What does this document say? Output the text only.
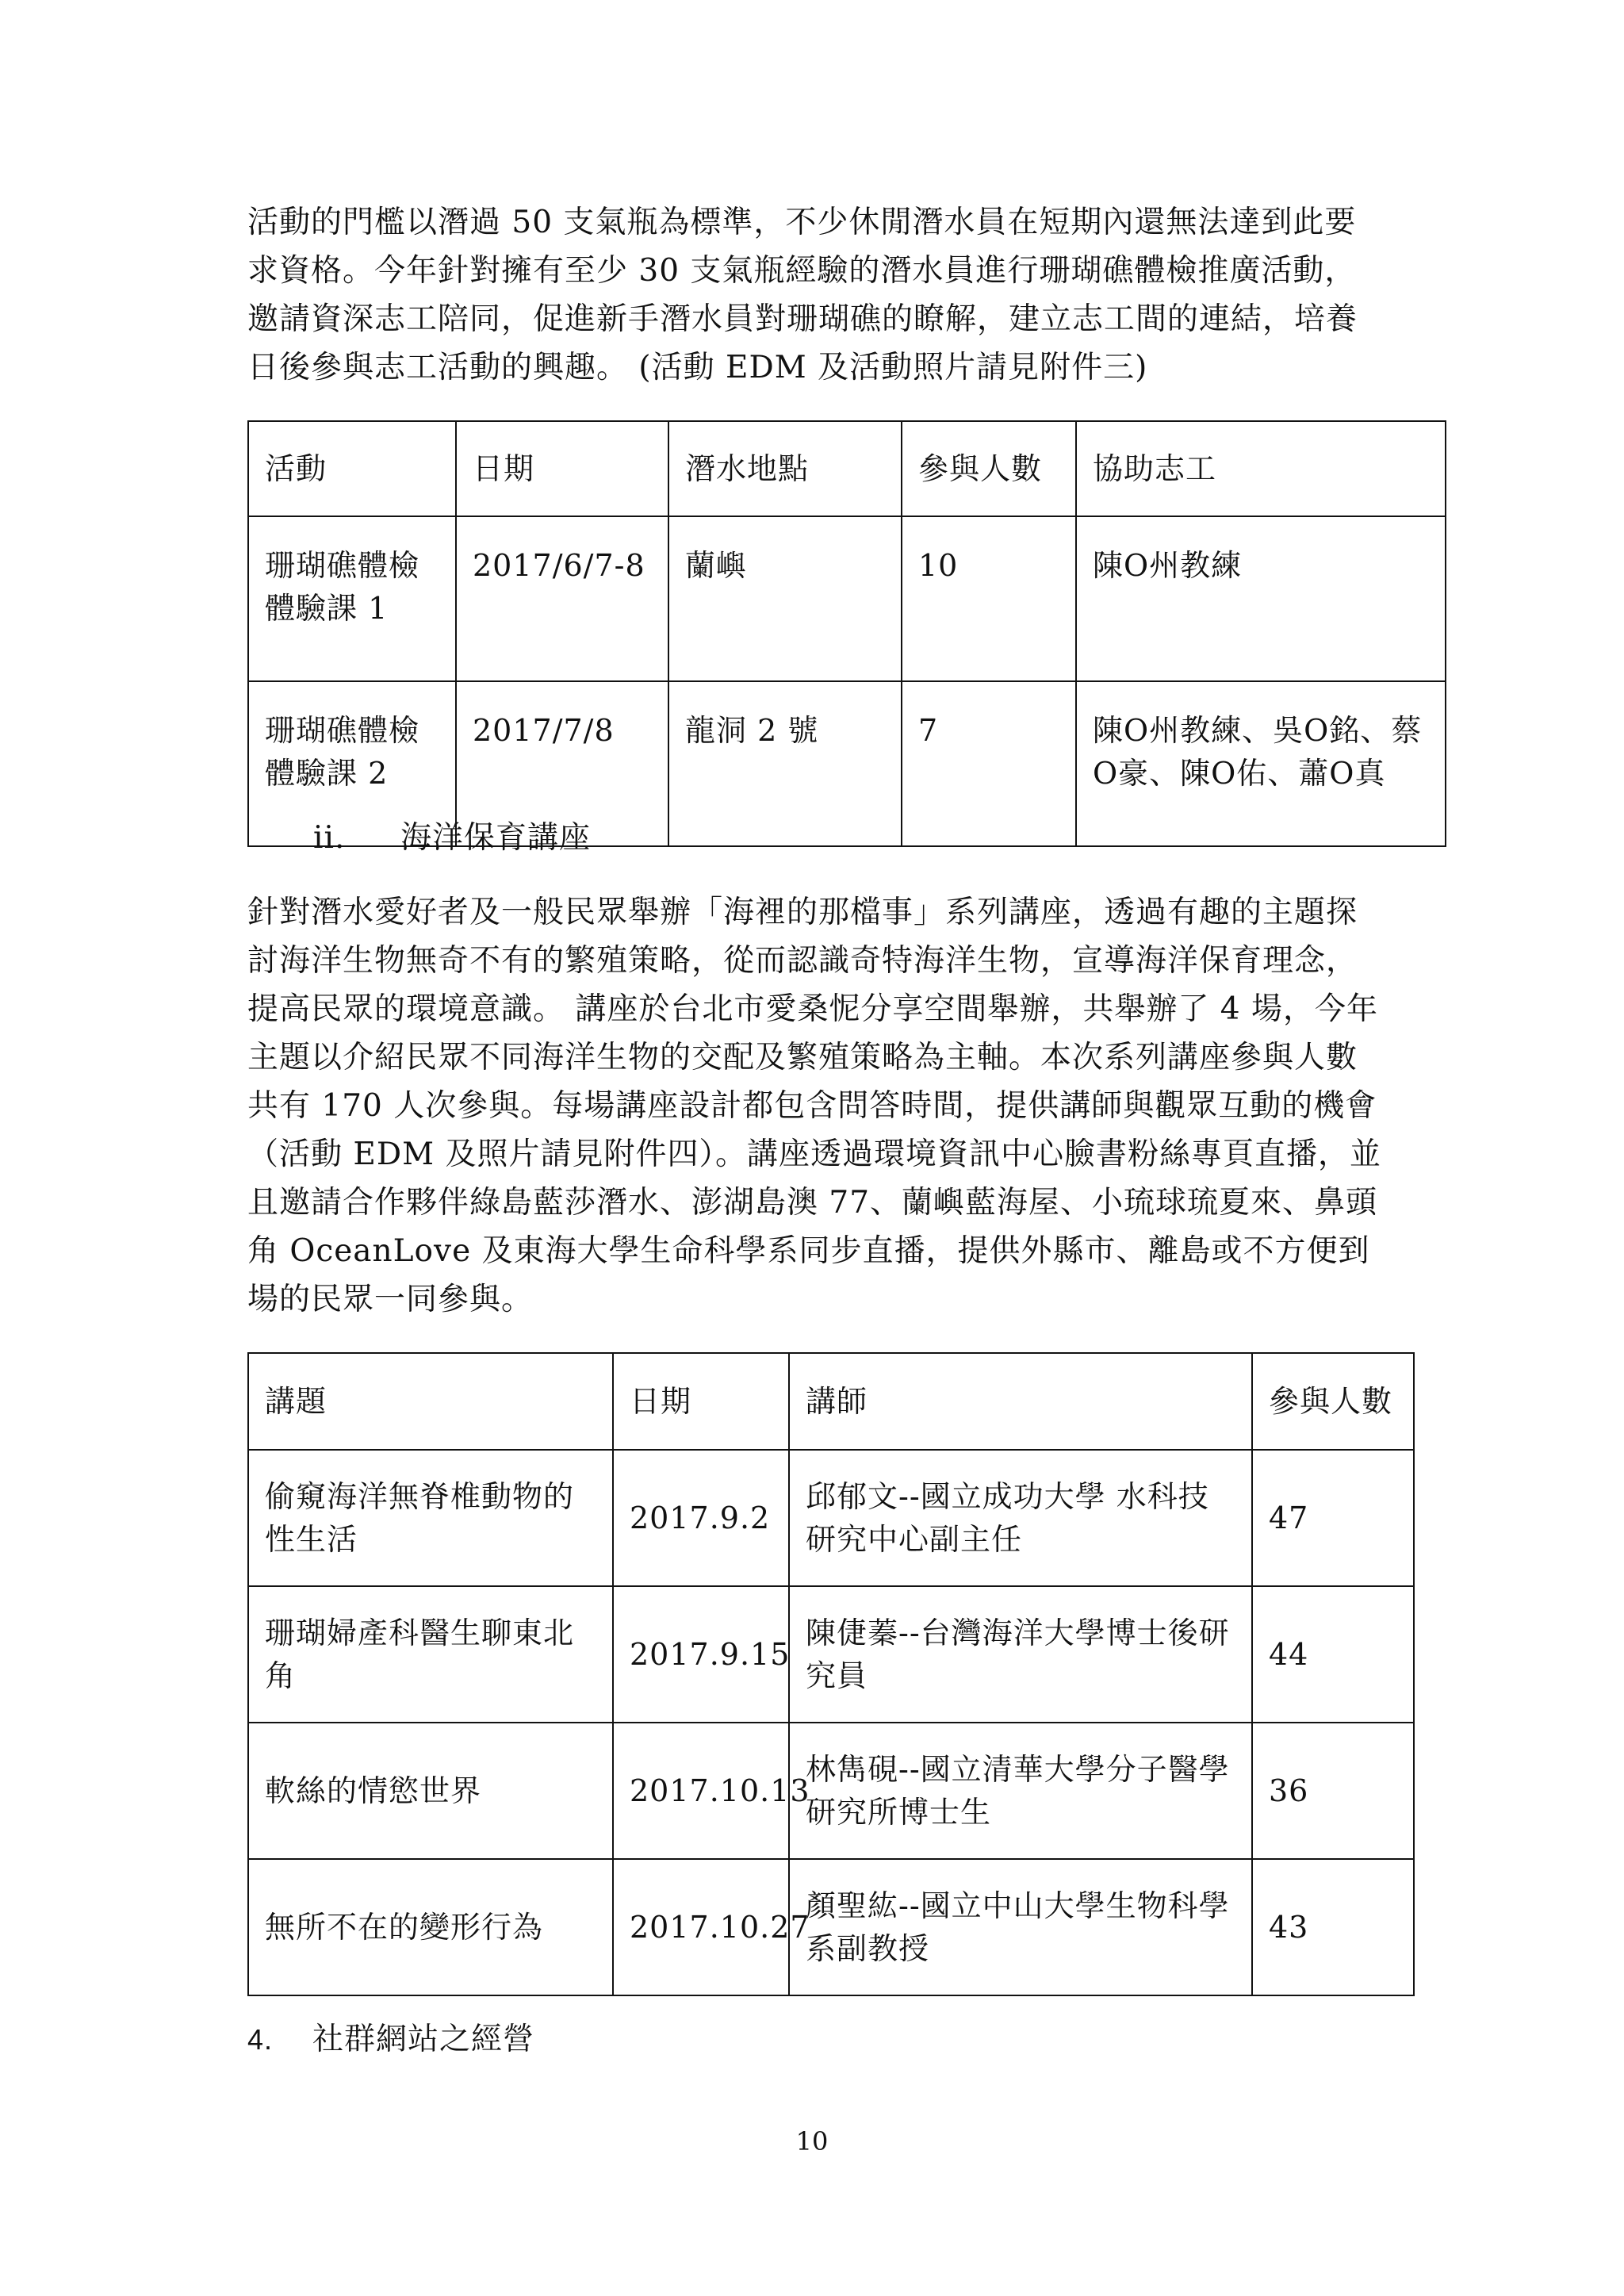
活動的門檻以潛過 50 支氣瓶為標準，不少休閒潛水員在短期內還無法達到此要求資格。今年針對擁有至少 30 支氣瓶經驗的潛水員進行珊瑚礁體檢推廣活動，邀請資深志工陪同，促進新手潛水員對珊瑚礁的瞭解，建立志工間的連結，培養日後參與志工活動的興趣。 (活動 EDM 及活動照片請見附件三)

活動	日期	潛水地點	參與人數	協助志工
珊瑚礁體檢體驗課 1	2017/6/7-8	蘭嶼	10	陳O州教練
珊瑚礁體檢體驗課 2	2017/7/8	龍洞 2 號	7	陳O州教練、吳O銘、蔡O豪、陳O佑、蕭O真
ii. 海洋保育講座

針對潛水愛好者及一般民眾舉辦「海裡的那檔事」系列講座，透過有趣的主題探討海洋生物無奇不有的繁殖策略，從而認識奇特海洋生物，宣導海洋保育理念，提高民眾的環境意識。 講座於台北市愛桑怩分享空間舉辦，共舉辦了 4 場，今年主題以介紹民眾不同海洋生物的交配及繁殖策略為主軸。本次系列講座參與人數共有 170 人次參與。每場講座設計都包含問答時間，提供講師與觀眾互動的機會（活動 EDM 及照片請見附件四）。講座透過環境資訊中心臉書粉絲專頁直播，並且邀請合作夥伴綠島藍莎潛水、澎湖島澳 77、蘭嶼藍海屋、小琉球琉夏來、鼻頭角 OceanLove 及東海大學生命科學系同步直播，提供外縣市、離島或不方便到場的民眾一同參與。

講題	日期	講師	參與人數
偷窺海洋無脊椎動物的性生活	2017.9.2	邱郁文--國立成功大學 水科技研究中心副主任	47
珊瑚婦產科醫生聊東北角	2017.9.15	陳倢蓁--台灣海洋大學博士後研究員	44
軟絲的情慾世界	2017.10.13	林雋硯--國立清華大學分子醫學研究所博士生	36
無所不在的變形行為	2017.10.27	顏聖紘--國立中山大學生物科學系副教授	43
4. 社群網站之經營
10
